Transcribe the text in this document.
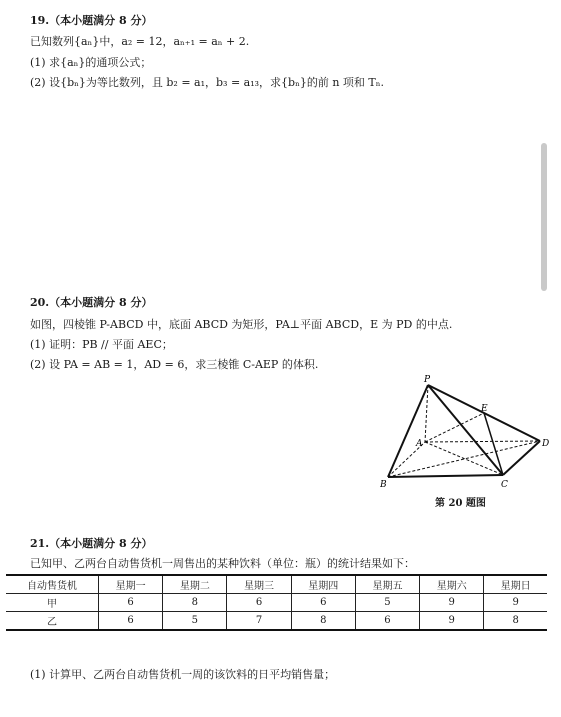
19.（本小题满分 8 分）
已知数列{aₙ}中，a₂ = 12，aₙ₊₁ = aₙ + 2.
(1) 求{aₙ}的通项公式；
(2) 设{bₙ}为等比数列，且 b₂ = a₁，b₃ = a₁₃，求{bₙ}的前 n 项和 Tₙ.
20.（本小题满分 8 分）
如图，四棱锥 P-ABCD 中，底面 ABCD 为矩形，PA⊥平面 ABCD，E 为 PD 的中点.
(1) 证明：PB // 平面 AEC；
(2) 设 PA = AB = 1，AD = 6，求三棱锥 C-AEP 的体积.
P
E
A	D
B	C
第 20 题图
21.（本小题满分 8 分）
已知甲、乙两台自动售货机一周售出的某种饮料（单位：瓶）的统计结果如下：
自动售货机	星期一	星期二	星期三	星期四	星期五	星期六	星期日
甲	6	8	6	6	5	9	9
乙	6	5	7	8	6	9	8
(1) 计算甲、乙两台自动售货机一周的该饮料的日平均销售量；
